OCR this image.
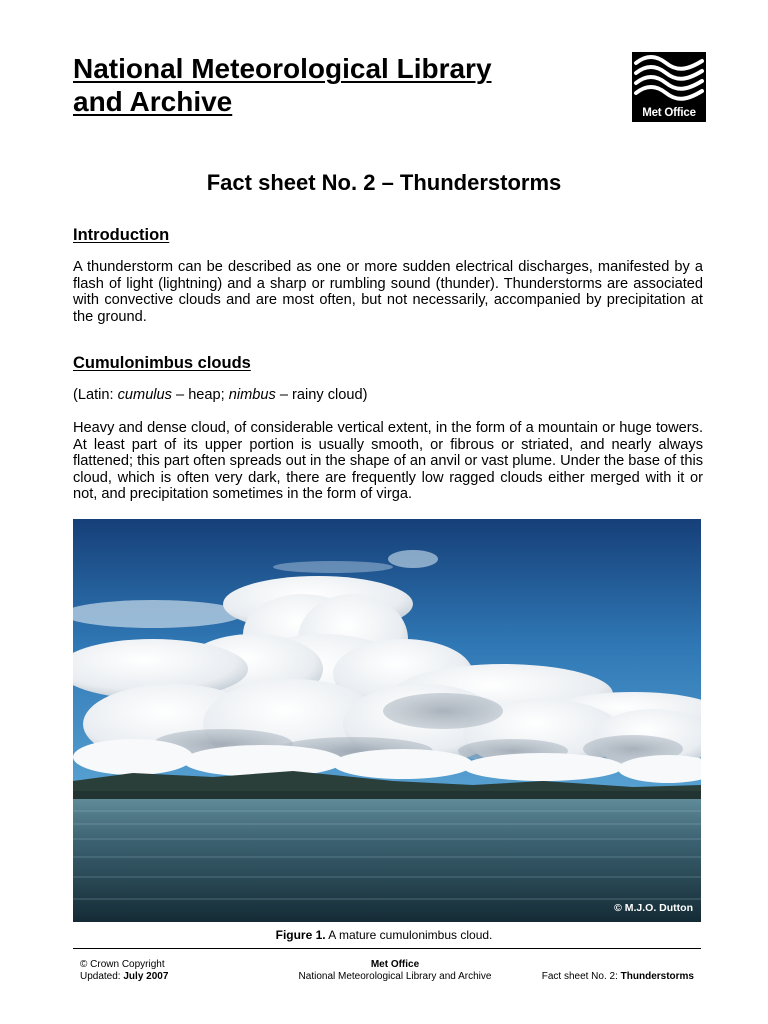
National Meteorological Library
and Archive	Met Office
Fact sheet No. 2 – Thunderstorms
Introduction

A thunderstorm can be described as one or more sudden electrical discharges, manifested by a flash of light (lightning) and a sharp or rumbling sound (thunder). Thunderstorms are associated with convective clouds and are most often, but not necessarily, accompanied by precipitation at the ground.

Cumulonimbus clouds

(Latin: cumulus – heap; nimbus – rainy cloud)

Heavy and dense cloud, of considerable vertical extent, in the form of a mountain or huge towers. At least part of its upper portion is usually smooth, or fibrous or striated, and nearly always flattened; this part often spreads out in the shape of an anvil or vast plume. Under the base of this cloud, which is often very dark, there are frequently low ragged clouds either merged with it or not, and precipitation sometimes in the form of virga.

© M.J.O. Dutton
Figure 1. A mature cumulonimbus cloud.
© Crown Copyright
Updated: July 2007
Met Office
National Meteorological Library and Archive	Fact sheet No. 2: Thunderstorms
